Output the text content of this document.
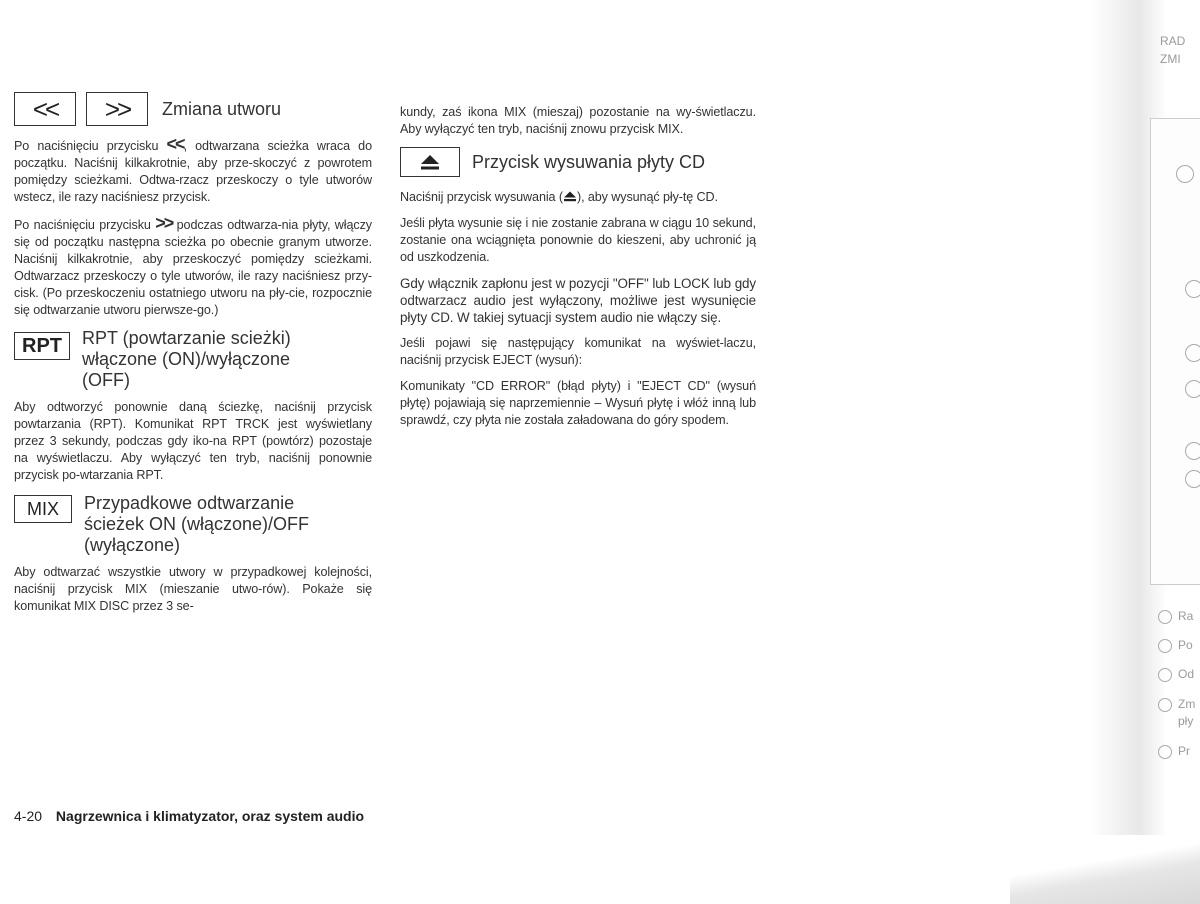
<< >> Zmiana utworu

Po naciśnięciu przycisku <<, odtwarzana scieżka wraca do początku. Naciśnij kilkakrotnie, aby prze-skoczyć z powrotem pomiędzy scieżkami. Odtwa-rzacz przeskoczy o tyle utworów wstecz, ile razy naciśniesz przycisk.

Po naciśnięciu przycisku >> podczas odtwarza-nia płyty, włączy się od początku następna scieżka po obecnie granym utworze. Naciśnij kilkakrotnie, aby przeskoczyć pomiędzy scieżkami. Odtwarzacz przeskoczy o tyle utworów, ile razy naciśniesz przy-cisk. (Po przeskoczeniu ostatniego utworu na pły-cie, rozpocznie się odtwarzanie utworu pierwsze-go.)

RPT RPT (powtarzanie scieżki) włączone (ON)/wyłączone (OFF)

Aby odtworzyć ponownie daną ściezkę, naciśnij przycisk powtarzania (RPT). Komunikat RPT TRCK jest wyświetlany przez 3 sekundy, podczas gdy iko-na RPT (powtórz) pozostaje na wyświetlaczu. Aby wyłączyć ten tryb, naciśnij ponownie przycisk po-wtarzania RPT.

MIX Przypadkowe odtwarzanie ścieżek ON (włączone)/OFF (wyłączone)

Aby odtwarzać wszystkie utwory w przypadkowej kolejności, naciśnij przycisk MIX (mieszanie utwo-rów). Pokaże się komunikat MIX DISC przez 3 se-

kundy, zaś ikona MIX (mieszaj) pozostanie na wy-świetlaczu. Aby wyłączyć ten tryb, naciśnij znowu przycisk MIX.

Przycisk wysuwania płyty CD

Naciśnij przycisk wysuwania ( ), aby wysunąć pły-tę CD.

Jeśli płyta wysunie się i nie zostanie zabrana w ciągu 10 sekund, zostanie ona wciągnięta ponownie do kieszeni, aby uchronić ją od uszkodzenia.

Gdy włącznik zapłonu jest w pozycji "OFF" lub LOCK lub gdy odtwarzacz audio jest wyłączony, możliwe jest wysunięcie płyty CD. W takiej sytuacji system audio nie włączy się.

Jeśli pojawi się następujący komunikat na wyświet-laczu, naciśnij przycisk EJECT (wysuń):

Komunikaty "CD ERROR" (błąd płyty) i "EJECT CD" (wysuń płytę) pojawiają się naprzemiennie – Wysuń płytę i włóż inną lub sprawdź, czy płyta nie została załadowana do góry spodem.

4-20 Nagrzewnica i klimatyzator, oraz system audio
RAD
ZMI
Ra
Po
Od
Zm
pły
Pr
